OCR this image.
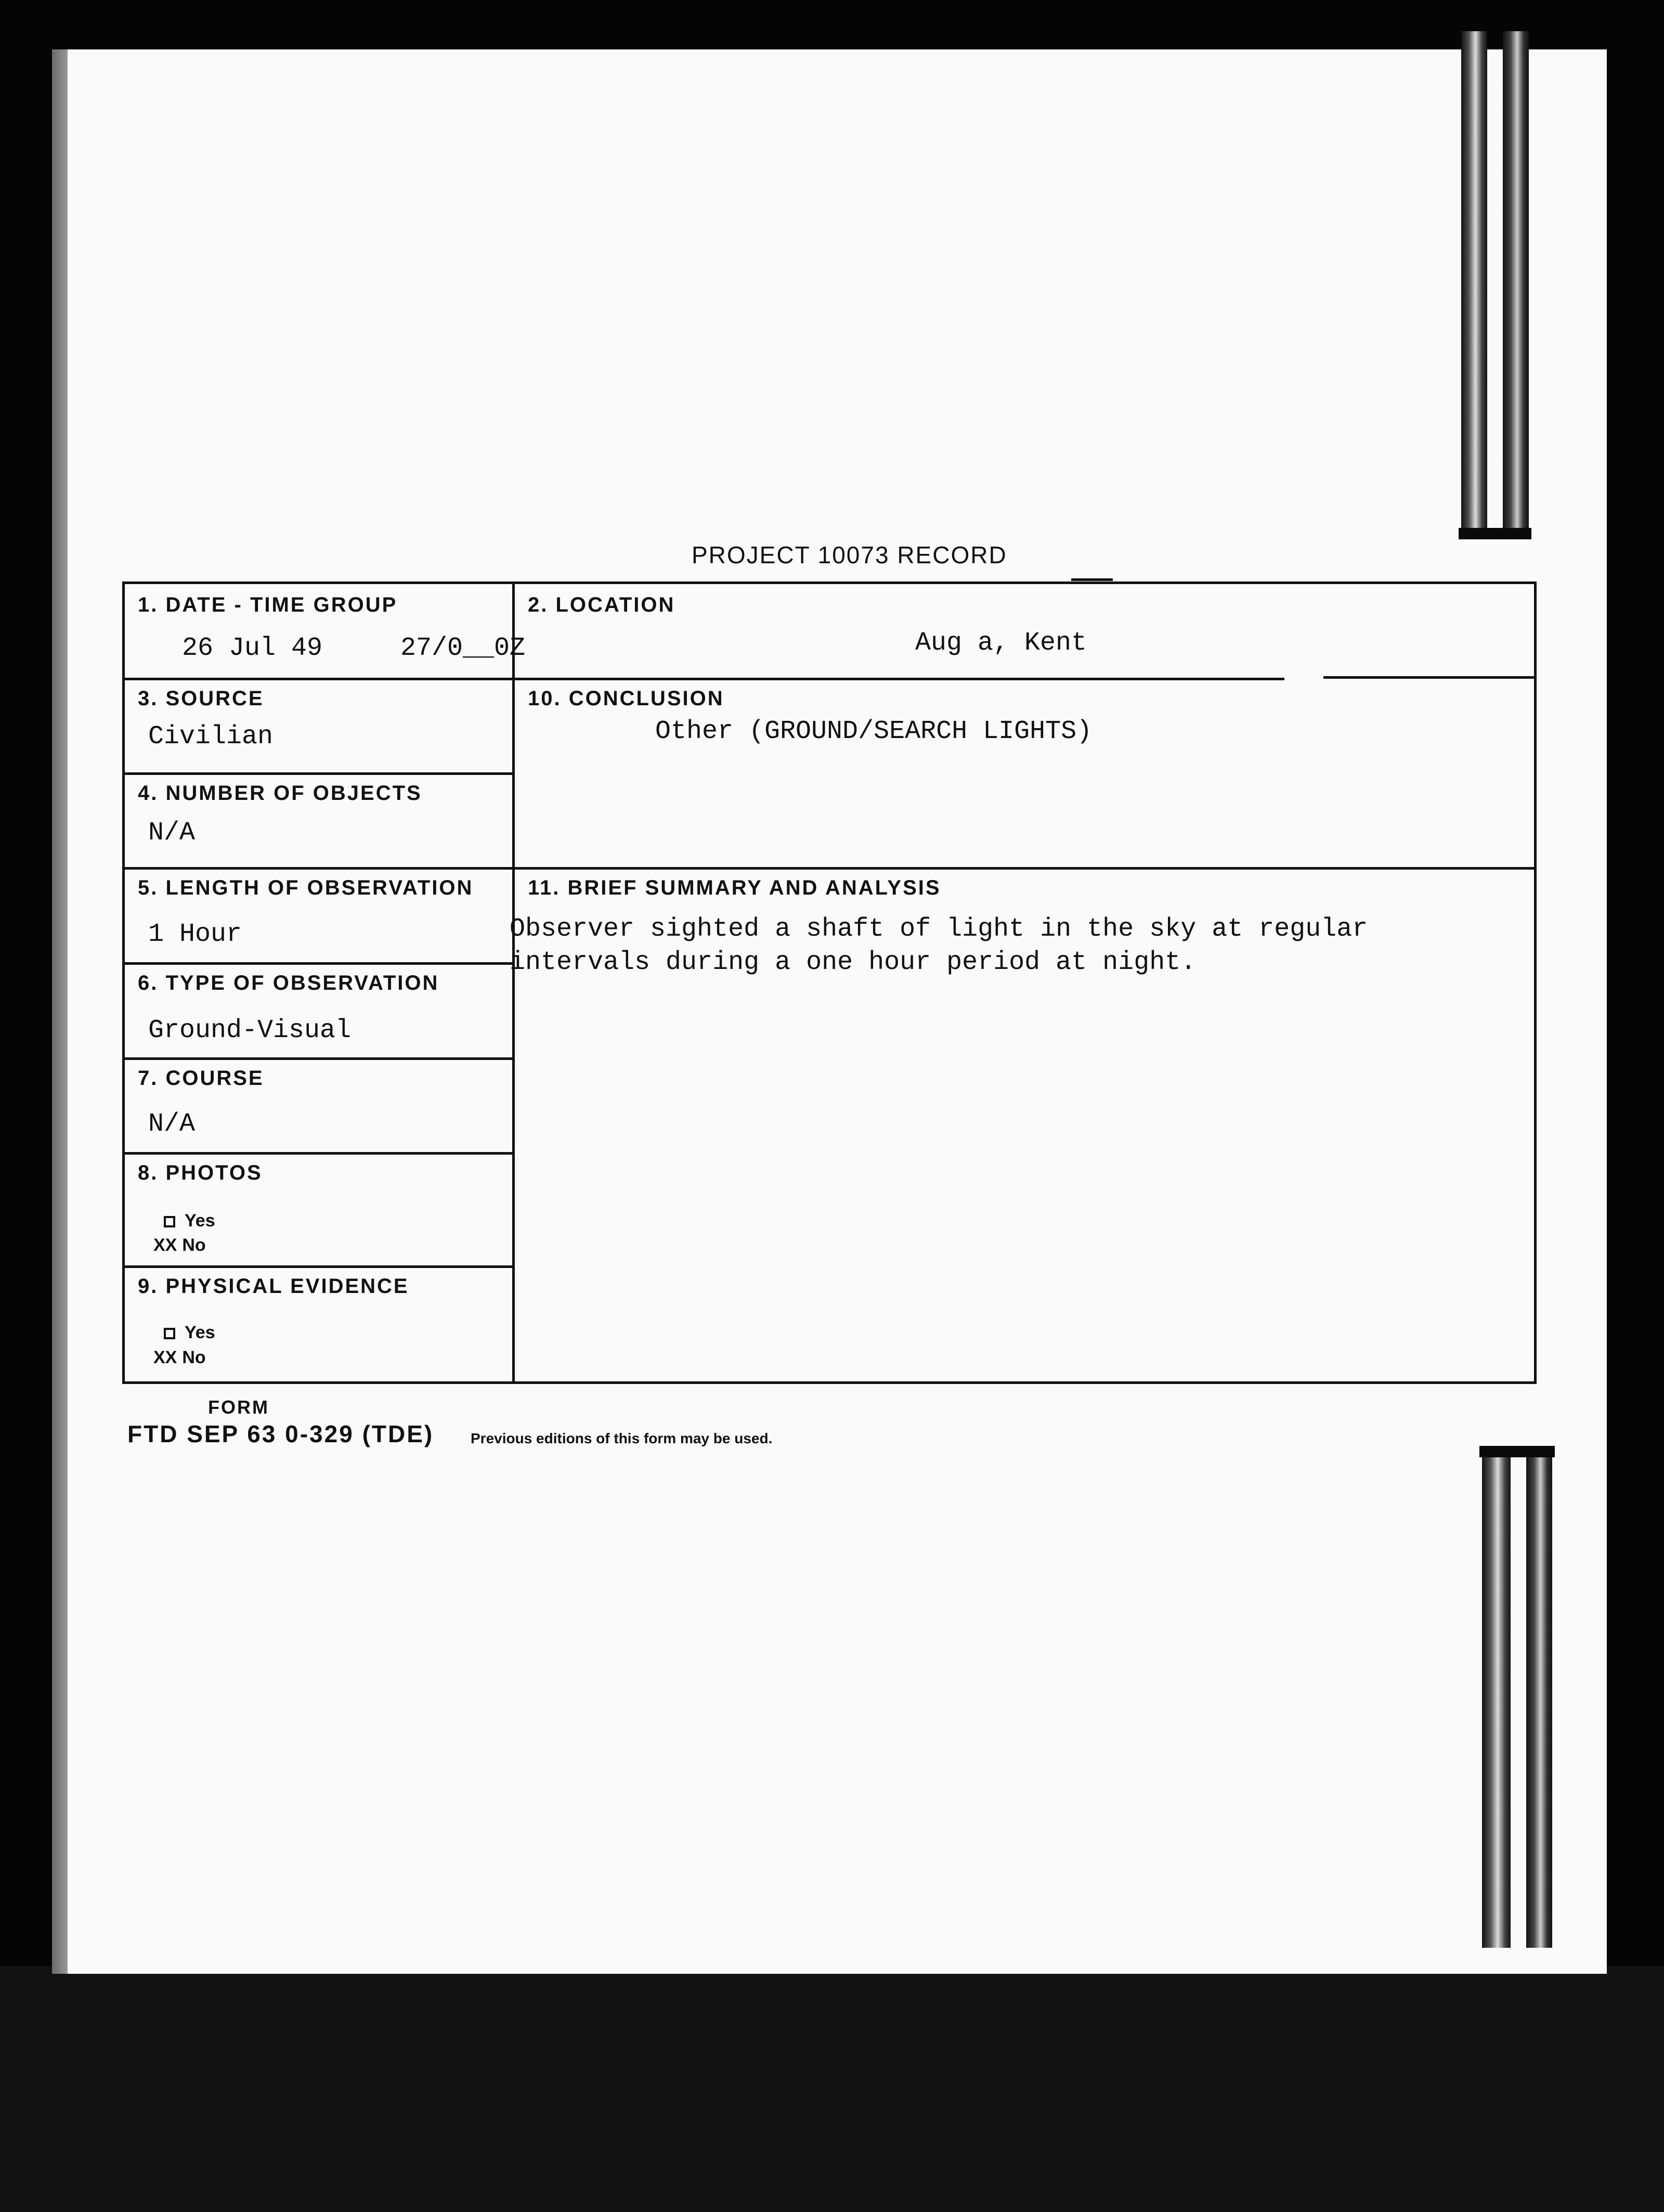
PROJECT 10073 RECORD
1. DATE - TIME GROUP
26 Jul 49	27/0__0Z
2. LOCATION
Aug a, Kent
3. SOURCE
Civilian
10. CONCLUSION
Other (GROUND/SEARCH LIGHTS)
4. NUMBER OF OBJECTS
N/A
5. LENGTH OF OBSERVATION
1 Hour
11. BRIEF SUMMARY AND ANALYSIS
6. TYPE OF OBSERVATION
Ground-Visual
7. COURSE
N/A
8. PHOTOS
Yes
XX No
9. PHYSICAL EVIDENCE
Yes
XX No
Observer sighted a shaft of light in the sky at regular
intervals during a one hour period at night.
FORM
FTD SEP 63 0-329 (TDE)	Previous editions of this form may be used.
